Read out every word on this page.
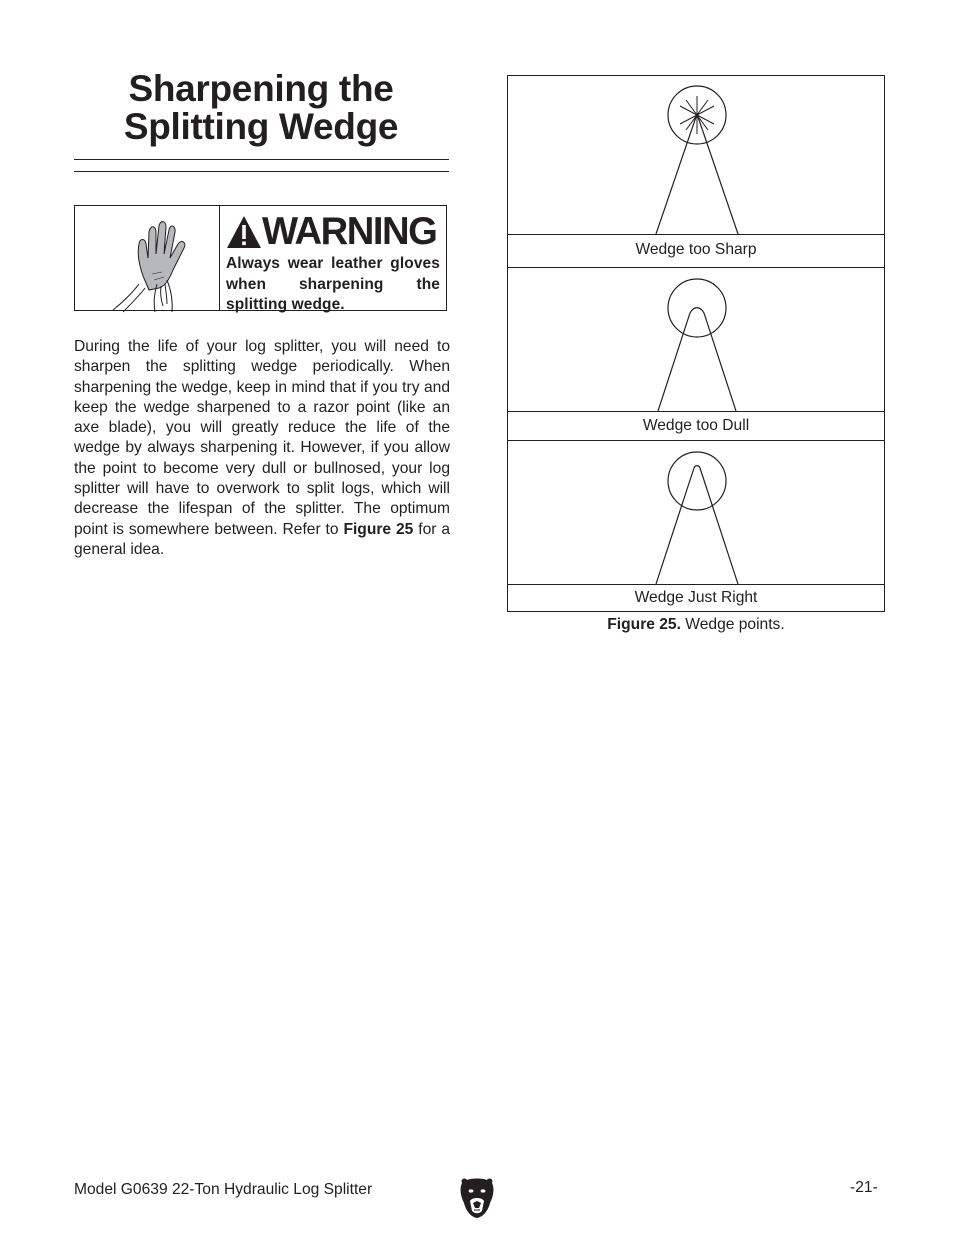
Sharpening the
Splitting Wedge
WARNING

Always wear leather gloves when sharpening the splitting wedge.

During the life of your log splitter, you will need to sharpen the splitting wedge periodically. When sharpening the wedge, keep in mind that if you try and keep the wedge sharpened to a razor point (like an axe blade), you will greatly reduce the life of the wedge by always sharpening it. However, if you allow the point to become very dull or bullnosed, your log splitter will have to overwork to split logs, which will decrease the lifespan of the splitter. The optimum point is somewhere between. Refer to Figure 25 for a general idea.

Wedge too Sharp
Wedge too Dull
Wedge Just Right
Figure 25. Wedge points.
Model G0639 22-Ton Hydraulic Log Splitter	-21-
